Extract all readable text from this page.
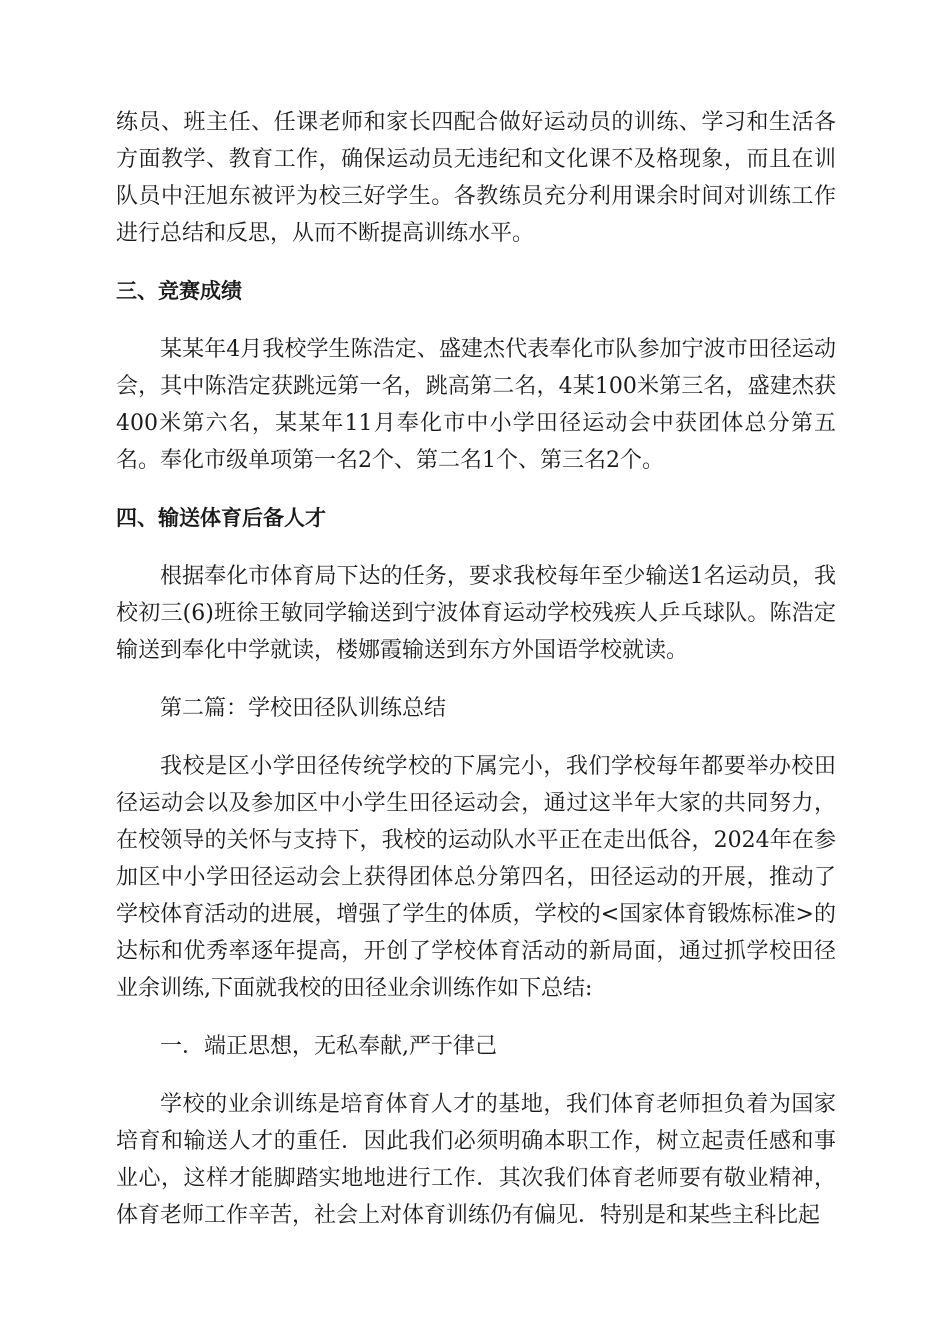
练员、班主任、任课老师和家长四配合做好运动员的训练、学习和生活各方面教学、教育工作，确保运动员无违纪和文化课不及格现象，而且在训队员中汪旭东被评为校三好学生。各教练员充分利用课余时间对训练工作进行总结和反思，从而不断提高训练水平。

三、竞赛成绩

某某年4月我校学生陈浩定、盛建杰代表奉化市队参加宁波市田径运动会，其中陈浩定获跳远第一名，跳高第二名，4某100米第三名，盛建杰获400米第六名，某某年11月奉化市中小学田径运动会中获团体总分第五名。奉化市级单项第一名2个、第二名1个、第三名2个。

四、输送体育后备人才

根据奉化市体育局下达的任务，要求我校每年至少输送1名运动员，我校初三(6)班徐王敏同学输送到宁波体育运动学校残疾人乒乓球队。陈浩定输送到奉化中学就读，楼娜霞输送到东方外国语学校就读。

第二篇：学校田径队训练总结

我校是区小学田径传统学校的下属完小，我们学校每年都要举办校田径运动会以及参加区中小学生田径运动会，通过这半年大家的共同努力，在校领导的关怀与支持下，我校的运动队水平正在走出低谷，2024年在参加区中小学田径运动会上获得团体总分第四名，田径运动的开展，推动了学校体育活动的进展，增强了学生的体质，学校的<国家体育锻炼标准>的达标和优秀率逐年提高，开创了学校体育活动的新局面，通过抓学校田径业余训练,下面就我校的田径业余训练作如下总结:

一．端正思想，无私奉献,严于律己

学校的业余训练是培育体育人才的基地，我们体育老师担负着为国家培育和输送人才的重任．因此我们必须明确本职工作，树立起责任感和事业心，这样才能脚踏实地地进行工作．其次我们体育老师要有敬业精神，体育老师工作辛苦，社会上对体育训练仍有偏见．特别是和某些主科比起
